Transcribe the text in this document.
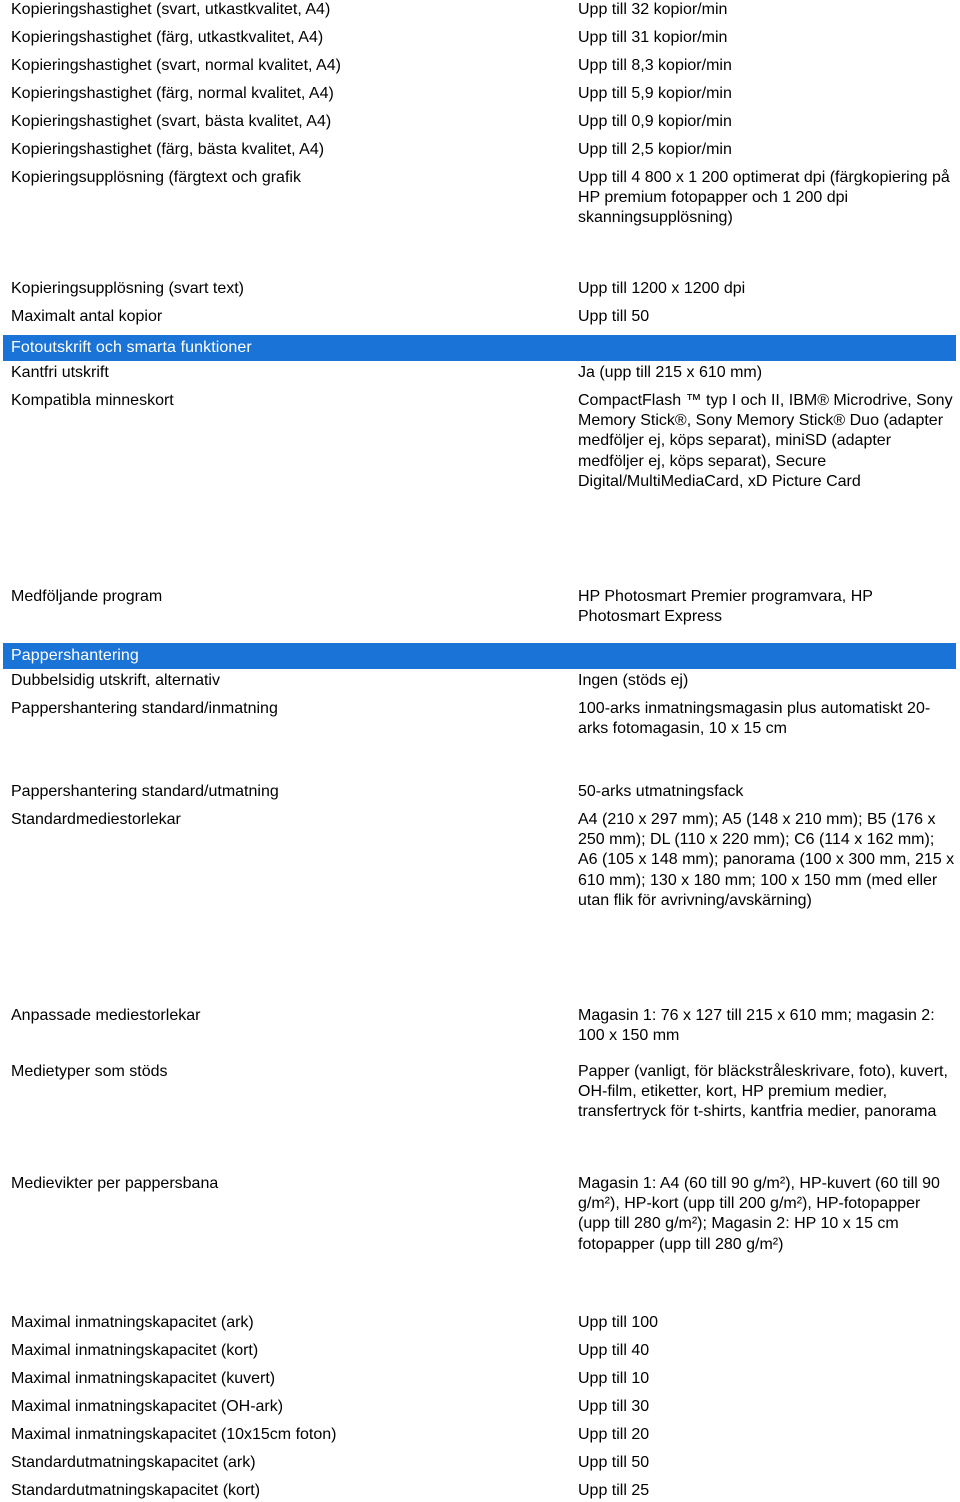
Kopieringshastighet (svart, utkastkvalitet, A4)	Upp till 32 kopior/min
Kopieringshastighet (färg, utkastkvalitet, A4)	Upp till 31 kopior/min
Kopieringshastighet (svart, normal kvalitet, A4)	Upp till 8,3 kopior/min
Kopieringshastighet (färg, normal kvalitet, A4)	Upp till 5,9 kopior/min
Kopieringshastighet (svart, bästa kvalitet, A4)	Upp till 0,9 kopior/min
Kopieringshastighet (färg, bästa kvalitet, A4)	Upp till 2,5 kopior/min
Kopieringsupplösning (färgtext och grafik	Upp till 4 800 x 1 200 optimerat dpi (färgkopiering på HP premium fotopapper och 1 200 dpi skanningsupplösning)
Kopieringsupplösning (svart text)	Upp till 1200 x 1200 dpi
Maximalt antal kopior	Upp till 50
Fotoutskrift och smarta funktioner
Kantfri utskrift	Ja (upp till 215 x 610 mm)
Kompatibla minneskort	CompactFlash ™ typ I och II, IBM® Microdrive, Sony Memory Stick®, Sony Memory Stick® Duo (adapter medföljer ej, köps separat), miniSD (adapter medföljer ej, köps separat), Secure Digital/MultiMediaCard, xD Picture Card
Medföljande program	HP Photosmart Premier programvara, HP Photosmart Express
Pappershantering
Dubbelsidig utskrift, alternativ	Ingen (stöds ej)
Pappershantering standard/inmatning	100-arks inmatningsmagasin plus automatiskt 20-arks fotomagasin, 10 x 15 cm
Pappershantering standard/utmatning	50-arks utmatningsfack
Standardmediestorlekar	A4 (210 x 297 mm); A5 (148 x 210 mm); B5 (176 x 250 mm); DL (110 x 220 mm); C6 (114 x 162 mm); A6 (105 x 148 mm); panorama (100 x 300 mm, 215 x 610 mm); 130 x 180 mm; 100 x 150 mm (med eller utan flik för avrivning/avskärning)
Anpassade mediestorlekar	Magasin 1: 76 x 127 till 215 x 610 mm; magasin 2: 100 x 150 mm
Medietyper som stöds	Papper (vanligt, för bläckstråleskrivare, foto), kuvert, OH-film, etiketter, kort, HP premium medier, transfertryck för t-shirts, kantfria medier, panorama
Medievikter per pappersbana	Magasin 1: A4 (60 till 90 g/m²), HP-kuvert (60 till 90 g/m²), HP-kort (upp till 200 g/m²), HP-fotopapper (upp till 280 g/m²); Magasin 2: HP 10 x 15 cm fotopapper (upp till 280 g/m²)
Maximal inmatningskapacitet (ark)	Upp till 100
Maximal inmatningskapacitet (kort)	Upp till 40
Maximal inmatningskapacitet (kuvert)	Upp till 10
Maximal inmatningskapacitet (OH-ark)	Upp till 30
Maximal inmatningskapacitet (10x15cm foton)	Upp till 20
Standardutmatningskapacitet (ark)	Upp till 50
Standardutmatningskapacitet (kort)	Upp till 25
